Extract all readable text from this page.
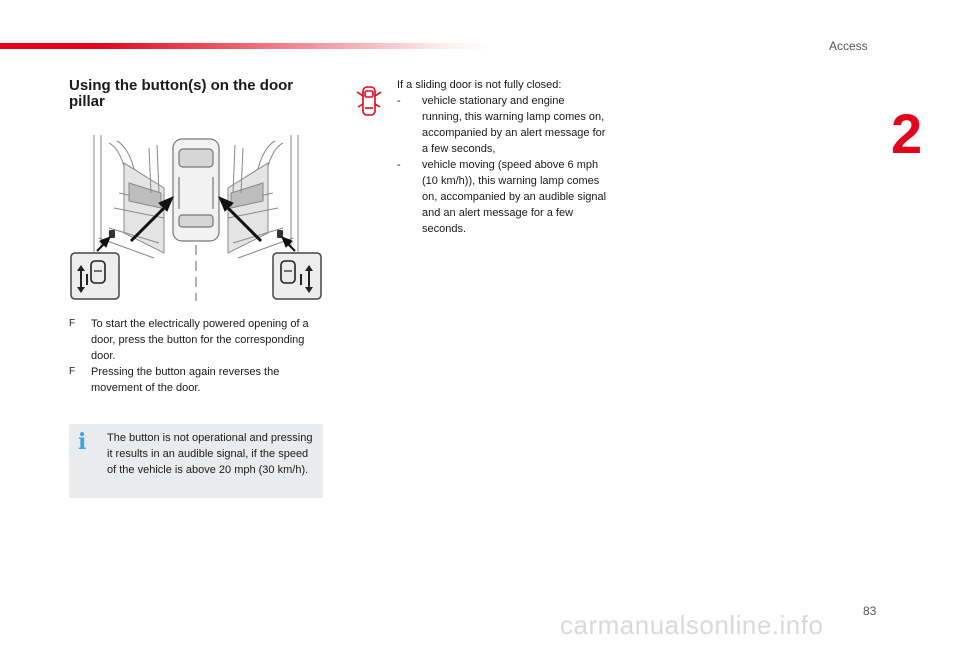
Access
2
Using the button(s) on the door pillar
F To start the electrically powered opening of a door, press the button for the corresponding door.
F Pressing the button again reverses the movement of the door.
i The button is not operational and pressing it results in an audible signal, if the speed of the vehicle is above 20 mph (30 km/h).
If a sliding door is not fully closed:
- vehicle stationary and engine running, this warning lamp comes on, accompanied by an alert message for a few seconds,
- vehicle moving (speed above 6 mph (10 km/h)), this warning lamp comes on, accompanied by an audible signal and an alert message for a few seconds.
83
carmanualsonline.info
